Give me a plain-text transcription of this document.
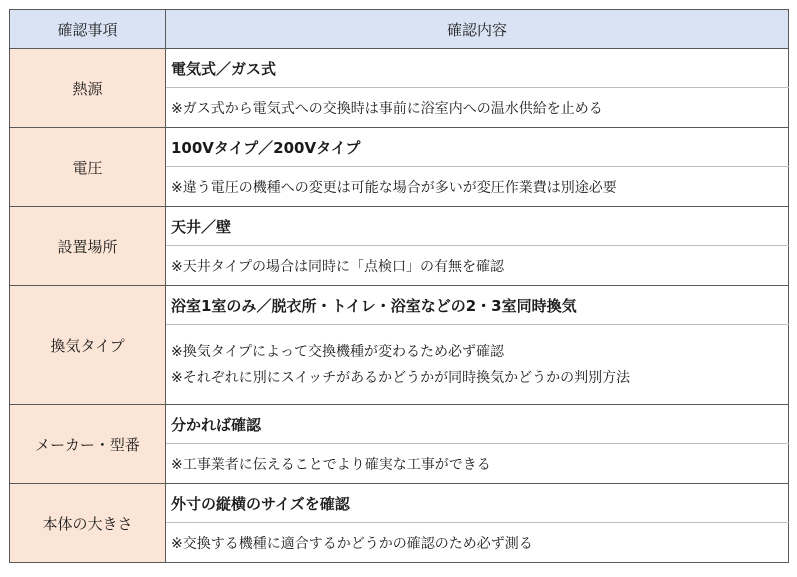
確認事項	確認内容
熱源	電気式／ガス式

	※ガス式から電気式への交換時は事前に浴室内への温水供給を止める

電圧	100Vタイプ／200Vタイプ

	※違う電圧の機種への変更は可能な場合が多いが変圧作業費は別途必要

設置場所	天井／壁

	※天井タイプの場合は同時に「点検口」の有無を確認

換気タイプ	浴室1室のみ／脱衣所・トイレ・浴室などの2・3室同時換気

	※換気タイプによって交換機種が変わるため必ず確認
※それぞれに別にスイッチがあるかどうかが同時換気かどうかの判別方法

メーカー・型番	分かれば確認

	※工事業者に伝えることでより確実な工事ができる

本体の大きさ	外寸の縦横のサイズを確認

	※交換する機種に適合するかどうかの確認のため必ず測る
